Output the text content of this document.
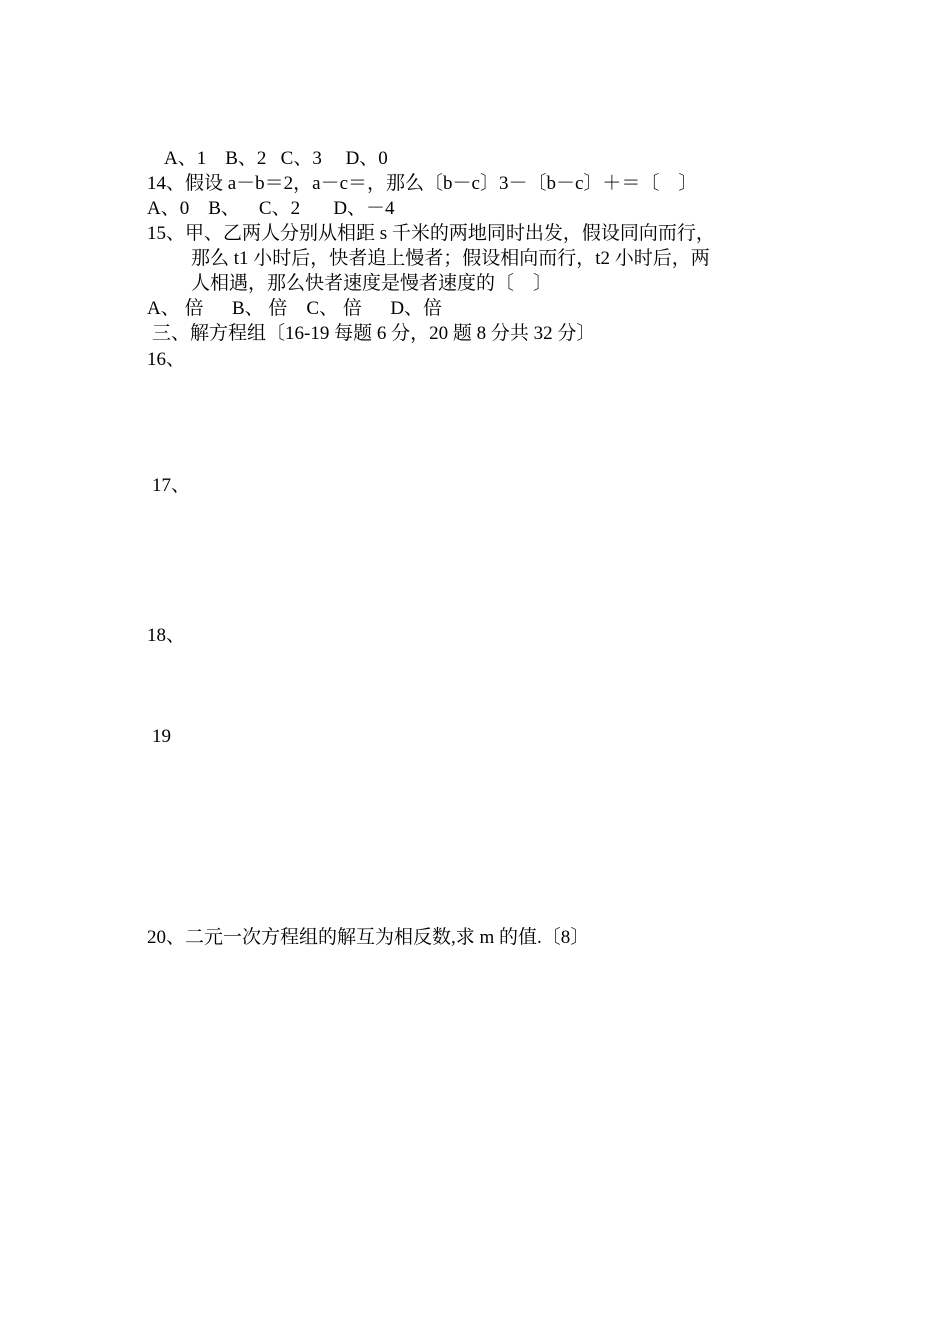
A、1    B、2   C、3     D、0
14、假设 a－b＝2，a－c＝，那么〔b－c〕3－〔b－c〕＋＝〔    〕
A、0    B、    C、2       D、－4
15、甲、乙两人分别从相距 s 千米的两地同时出发，假设同向而行，
那么 t1 小时后，快者追上慢者；假设相向而行，t2 小时后，两
人相遇，那么快者速度是慢者速度的〔    〕
A、 倍      B、 倍    C、 倍      D、倍
三、解方程组〔16-19 每题 6 分，20 题 8 分共 32 分〕
16、
17、
18、
19
20、二元一次方程组的解互为相反数,求 m 的值.〔8〕
